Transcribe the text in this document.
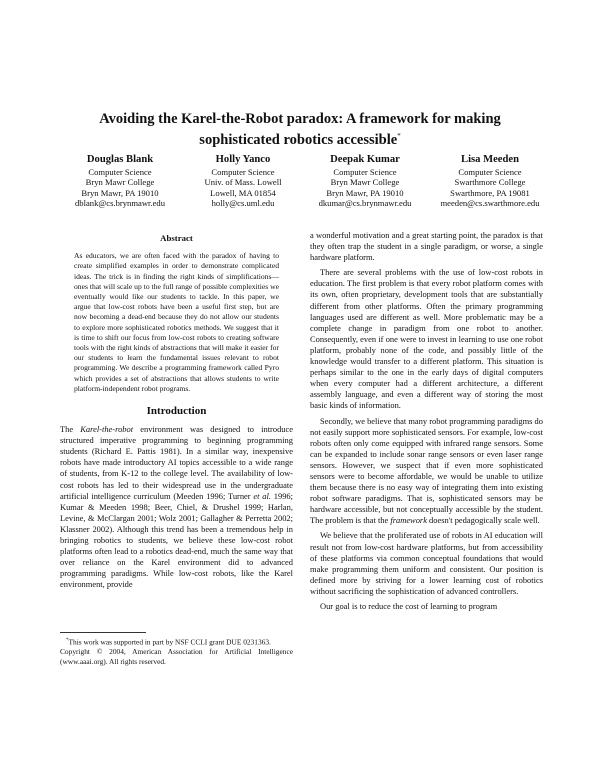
Avoiding the Karel-the-Robot paradox: A framework for making
sophisticated robotics accessible*
Douglas Blank
Computer Science
Bryn Mawr College
Bryn Mawr, PA 19010
dblank@cs.brynmawr.edu
Holly Yanco
Computer Science
Univ. of Mass. Lowell
Lowell, MA 01854
holly@cs.uml.edu
Deepak Kumar
Computer Science
Bryn Mawr College
Bryn Mawr, PA 19010
dkumar@cs.brynmawr.edu
Lisa Meeden
Computer Science
Swarthmore College
Swarthmore, PA 19081
meeden@cs.swarthmore.edu
Abstract

As educators, we are often faced with the paradox of having to create simplified examples in order to demonstrate complicated ideas. The trick is in finding the right kinds of simplifications—ones that will scale up to the full range of possible complexities we eventually would like our students to tackle. In this paper, we argue that low-cost robots have been a useful first step, but are now becoming a dead-end because they do not allow our students to explore more sophisticated robotics methods. We suggest that it is time to shift our focus from low-cost robots to creating software tools with the right kinds of abstractions that will make it easier for our students to learn the fundamental issues relevant to robot programming. We describe a programming framework called Pyro which provides a set of abstractions that allows students to write platform-independent robot programs.

Introduction

The Karel-the-robot environment was designed to introduce structured imperative programming to beginning programming students (Richard E. Pattis 1981). In a similar way, inexpensive robots have made introductory AI topics accessible to a wide range of students, from K-12 to the college level. The availability of low-cost robots has led to their widespread use in the undergraduate artificial intelligence curriculum (Meeden 1996; Turner et al. 1996; Kumar & Meeden 1998; Beer, Chiel, & Drushel 1999; Harlan, Levine, & McClargan 2001; Wolz 2001; Gallagher & Perretta 2002; Klassner 2002). Although this trend has been a tremendous help in bringing robotics to students, we believe these low-cost robot platforms often lead to a robotics dead-end, much the same way that over reliance on the Karel environment did to advanced programming paradigms. While low-cost robots, like the Karel environment, provide

*This work was supported in part by NSF CCLI grant DUE 0231363.

Copyright © 2004, American Association for Artificial Intelligence (www.aaai.org). All rights reserved.

a wonderful motivation and a great starting point, the paradox is that they often trap the student in a single paradigm, or worse, a single hardware platform.

There are several problems with the use of low-cost robots in education. The first problem is that every robot platform comes with its own, often proprietary, development tools that are substantially different from other platforms. Often the primary programming languages used are different as well. More problematic may be a complete change in paradigm from one robot to another. Consequently, even if one were to invest in learning to use one robot platform, probably none of the code, and possibly little of the knowledge would transfer to a different platform. This situation is perhaps similar to the one in the early days of digital computers when every computer had a different architecture, a different assembly language, and even a different way of storing the most basic kinds of information.

Secondly, we believe that many robot programming paradigms do not easily support more sophisticated sensors. For example, low-cost robots often only come equipped with infrared range sensors. Some can be expanded to include sonar range sensors or even laser range sensors. However, we suspect that if even more sophisticated sensors were to become affordable, we would be unable to utilize them because there is no easy way of integrating them into existing robot software paradigms. That is, sophisticated sensors may be hardware accessible, but not conceptually accessible by the student. The problem is that the framework doesn't pedagogically scale well.

We believe that the proliferated use of robots in AI education will result not from low-cost hardware platforms, but from accessibility of these platforms via common conceptual foundations that would make programming them uniform and consistent. Our position is defined more by striving for a lower learning cost of robotics without sacrificing the sophistication of advanced controllers.

Our goal is to reduce the cost of learning to program
